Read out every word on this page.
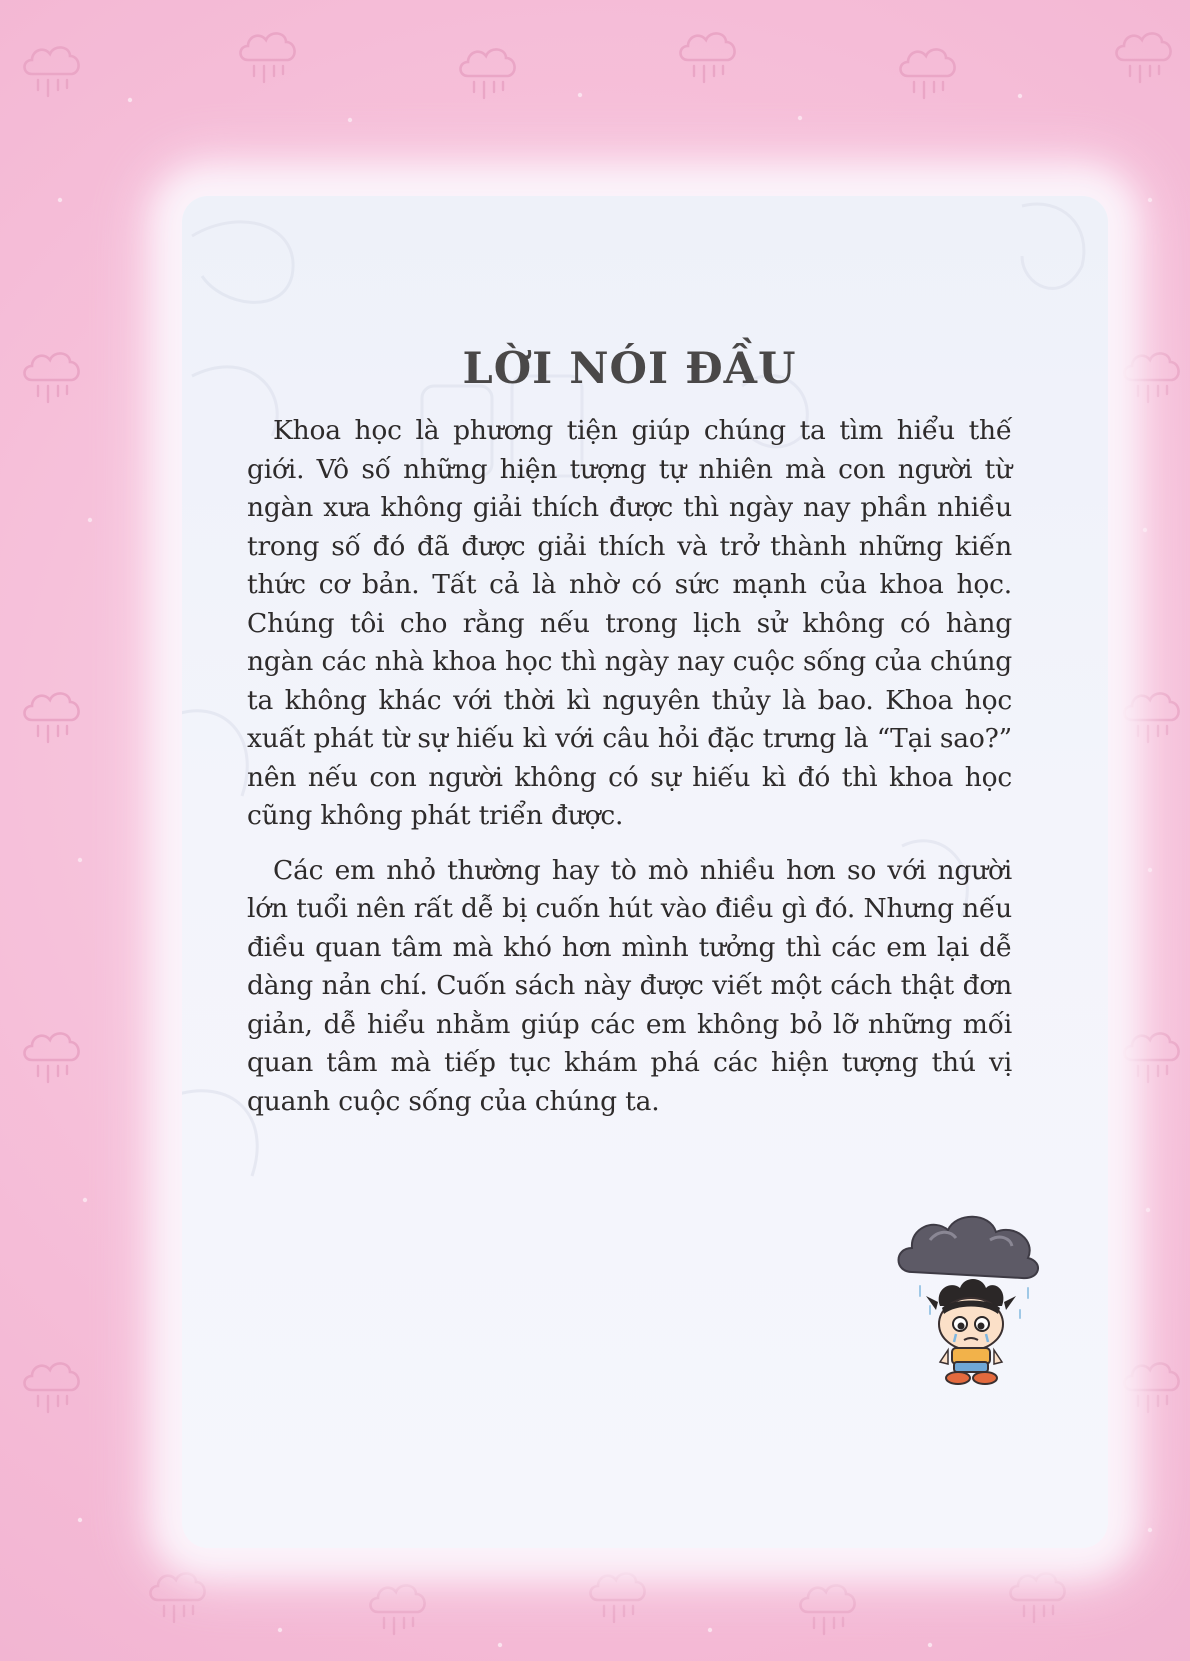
LỜI NÓI ĐẦU

Khoa học là phương tiện giúp chúng ta tìm hiểu thế giới. Vô số những hiện tượng tự nhiên mà con người từ ngàn xưa không giải thích được thì ngày nay phần nhiều trong số đó đã được giải thích và trở thành những kiến thức cơ bản. Tất cả là nhờ có sức mạnh của khoa học. Chúng tôi cho rằng nếu trong lịch sử không có hàng ngàn các nhà khoa học thì ngày nay cuộc sống của chúng ta không khác với thời kì nguyên thủy là bao. Khoa học xuất phát từ sự hiếu kì với câu hỏi đặc trưng là “Tại sao?” nên nếu con người không có sự hiếu kì đó thì khoa học cũng không phát triển được.

Các em nhỏ thường hay tò mò nhiều hơn so với người lớn tuổi nên rất dễ bị cuốn hút vào điều gì đó. Nhưng nếu điều quan tâm mà khó hơn mình tưởng thì các em lại dễ dàng nản chí. Cuốn sách này được viết một cách thật đơn giản, dễ hiểu nhằm giúp các em không bỏ lỡ những mối quan tâm mà tiếp tục khám phá các hiện tượng thú vị quanh cuộc sống của chúng ta.
